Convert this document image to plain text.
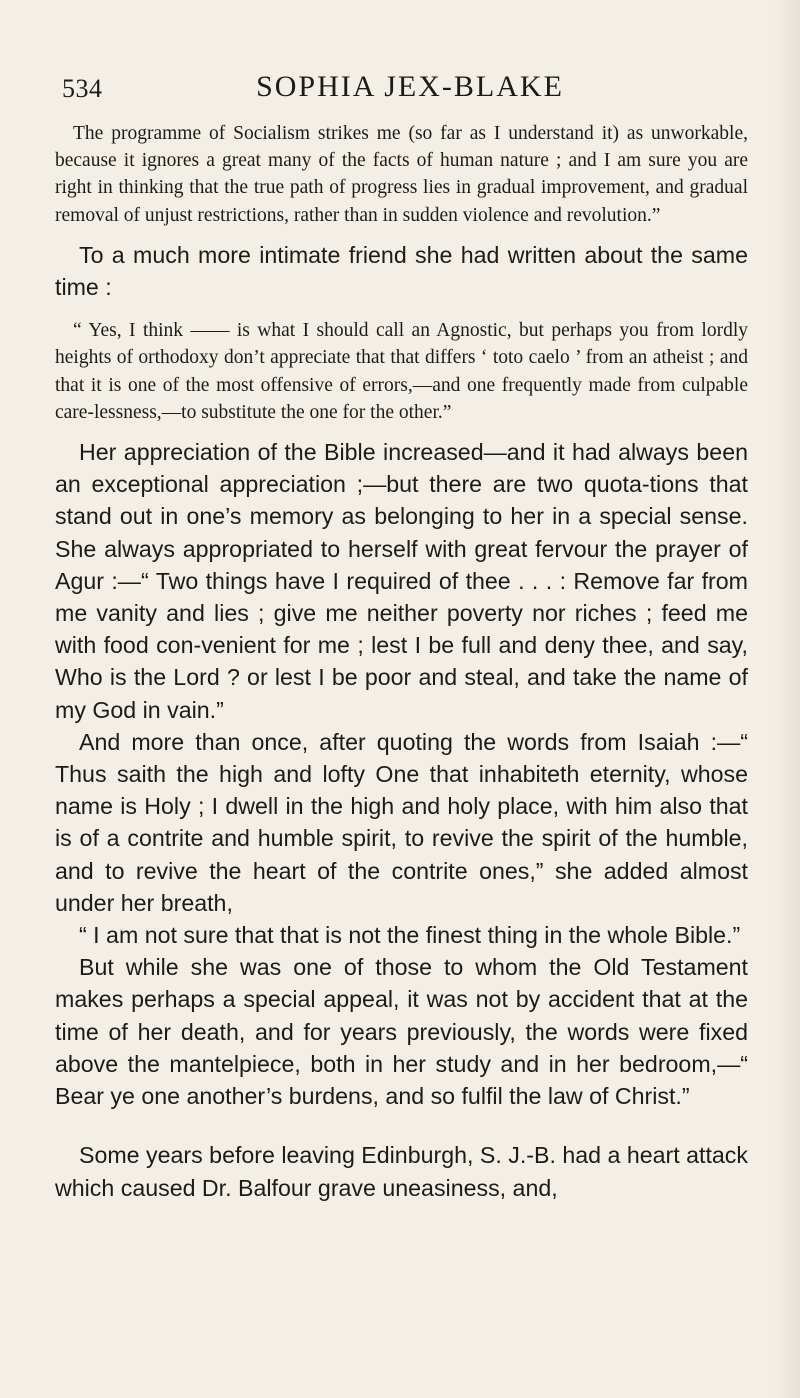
534	SOPHIA JEX-BLAKE

The programme of Socialism strikes me (so far as I understand it) as unworkable, because it ignores a great many of the facts of human nature ; and I am sure you are right in thinking that the true path of progress lies in gradual improvement, and gradual removal of unjust restrictions, rather than in sudden violence and revolution.”

To a much more intimate friend she had written about the same time :

“ Yes, I think —— is what I should call an Agnostic, but perhaps you from lordly heights of orthodoxy don’t appreciate that that differs ‘ toto caelo ’ from an atheist ; and that it is one of the most offensive of errors,—and one frequently made from culpable care-lessness,—to substitute the one for the other.”

Her appreciation of the Bible increased—and it had always been an exceptional appreciation ;—but there are two quota-tions that stand out in one’s memory as belonging to her in a special sense. She always appropriated to herself with great fervour the prayer of Agur :—“ Two things have I required of thee . . . : Remove far from me vanity and lies ; give me neither poverty nor riches ; feed me with food con-venient for me ; lest I be full and deny thee, and say, Who is the Lord ? or lest I be poor and steal, and take the name of my God in vain.”

And more than once, after quoting the words from Isaiah :—“ Thus saith the high and lofty One that inhabiteth eternity, whose name is Holy ; I dwell in the high and holy place, with him also that is of a contrite and humble spirit, to revive the spirit of the humble, and to revive the heart of the contrite ones,” she added almost under her breath,

“ I am not sure that that is not the finest thing in the whole Bible.”

But while she was one of those to whom the Old Testament makes perhaps a special appeal, it was not by accident that at the time of her death, and for years previously, the words were fixed above the mantelpiece, both in her study and in her bedroom,—“ Bear ye one another’s burdens, and so fulfil the law of Christ.”

Some years before leaving Edinburgh, S. J.-B. had a heart attack which caused Dr. Balfour grave uneasiness, and,
